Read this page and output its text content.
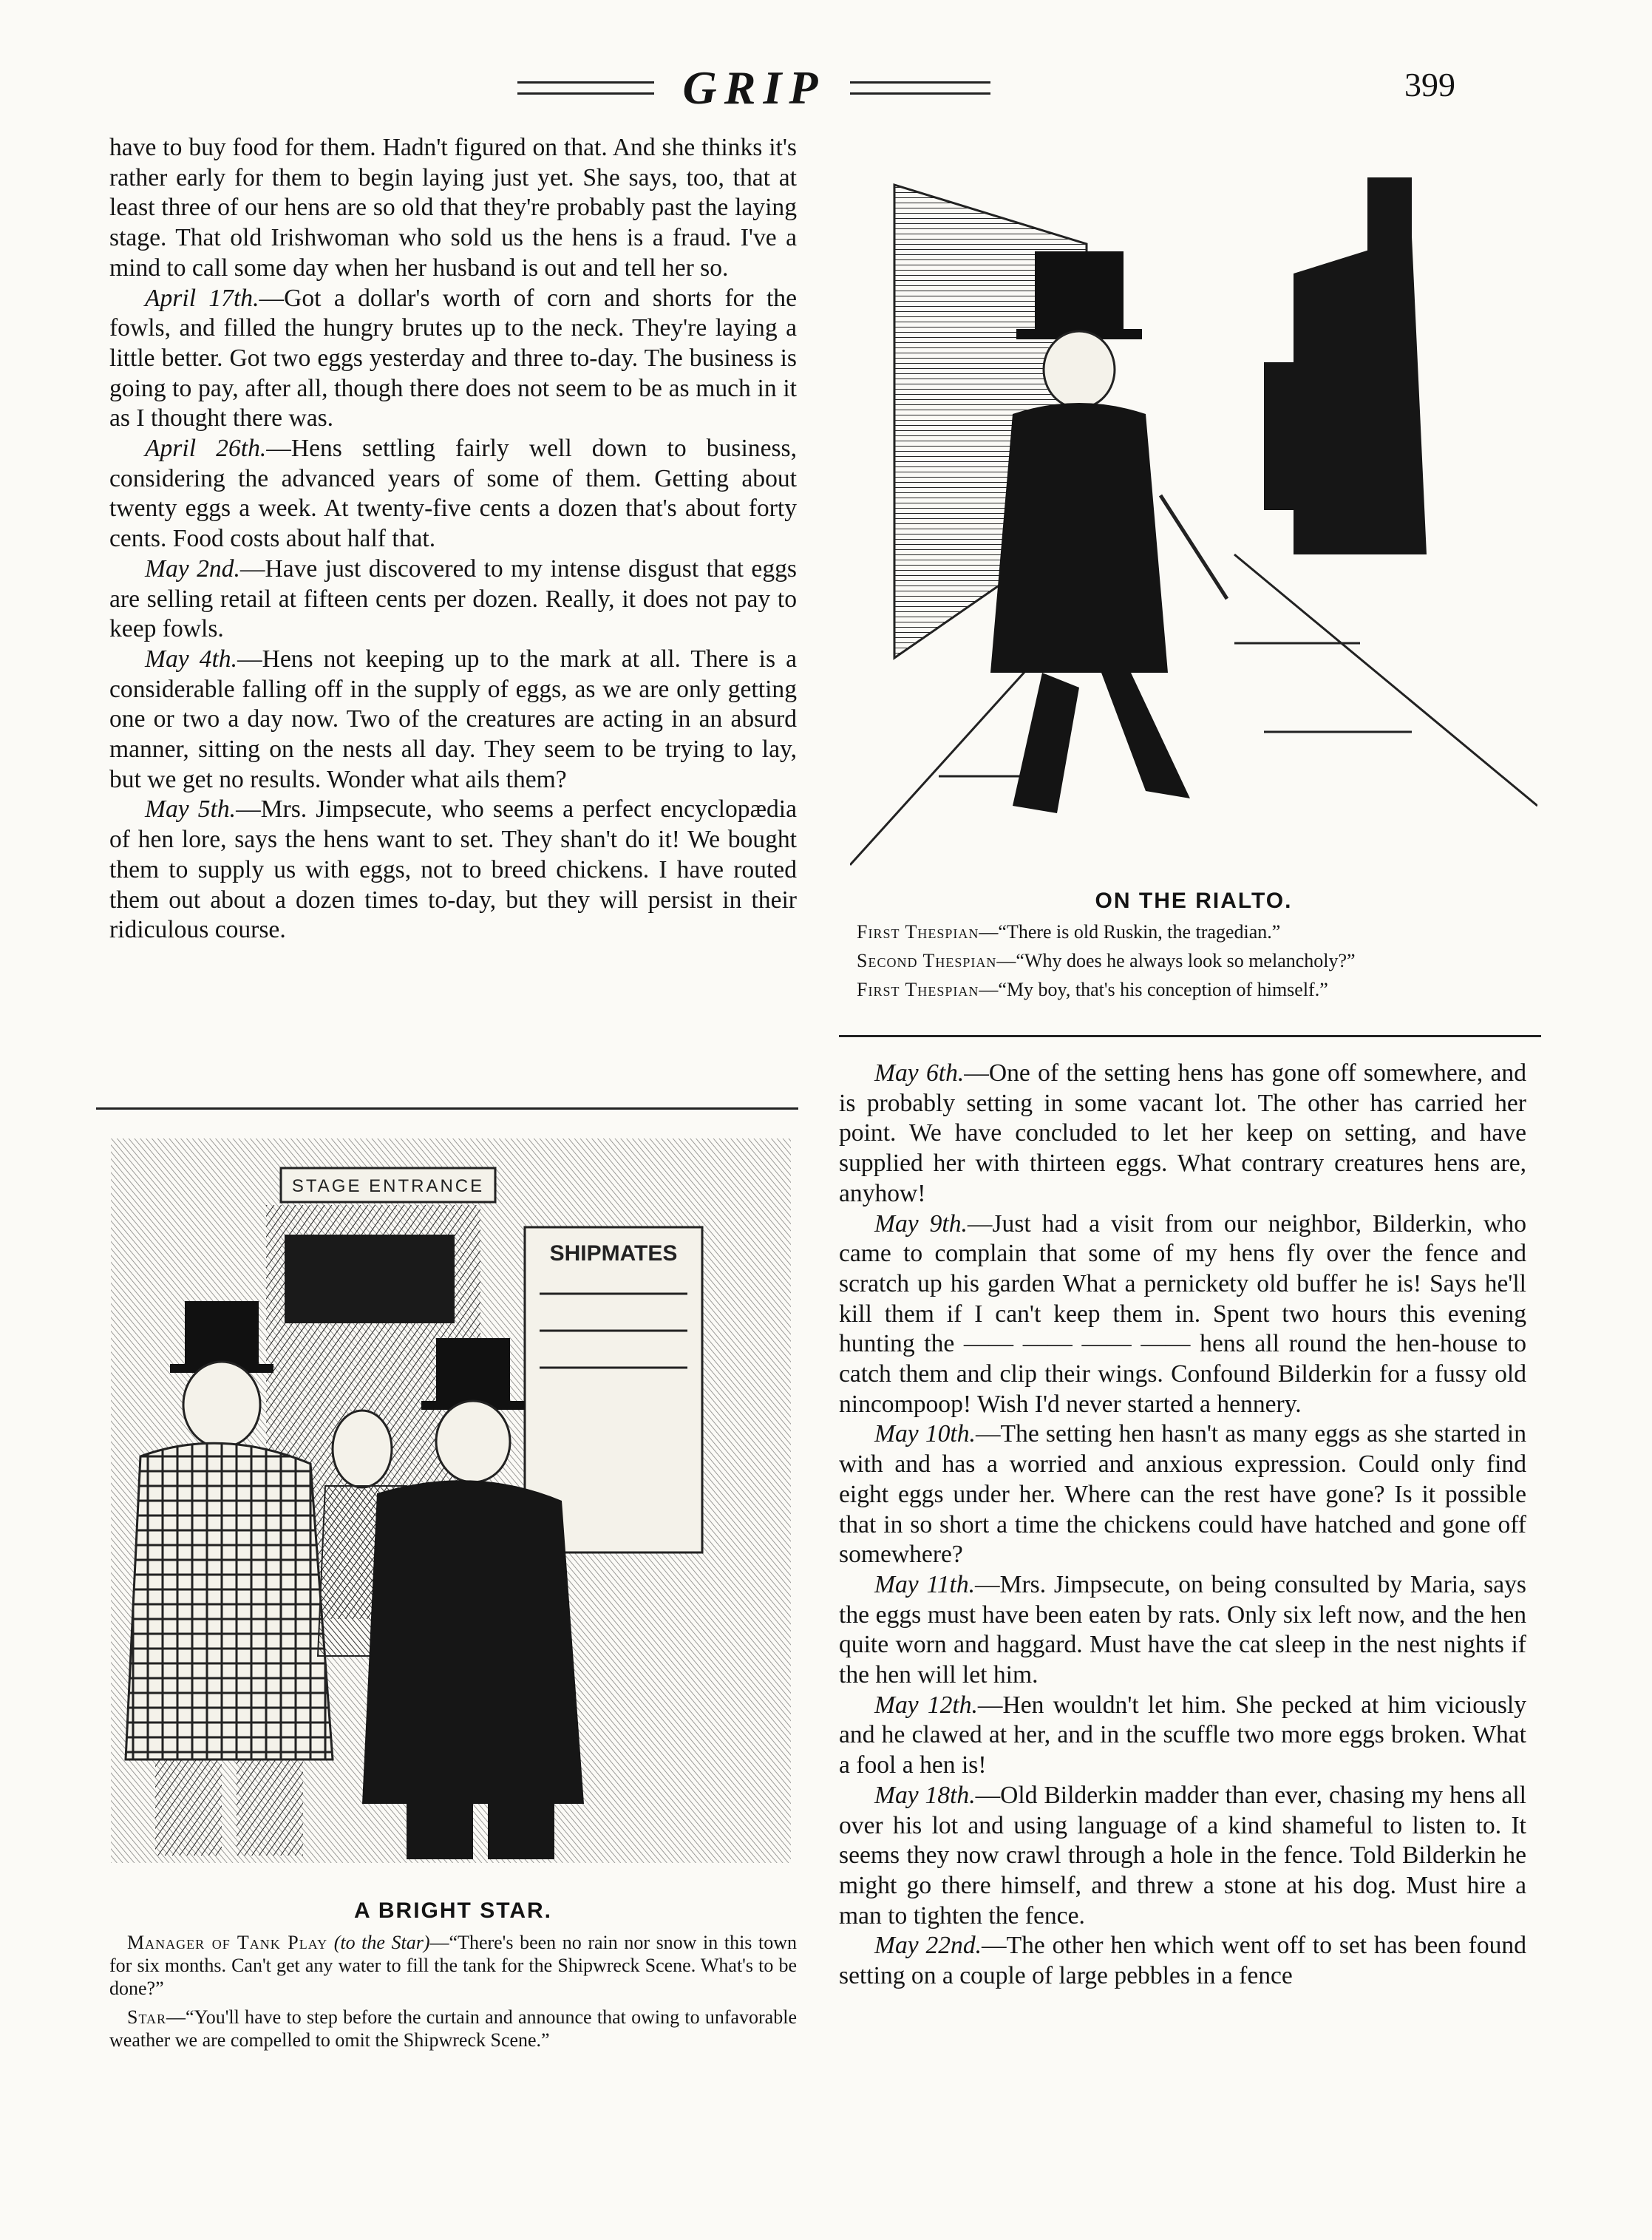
GRIP	399

have to buy food for them. Hadn't figured on that. And she thinks it's rather early for them to begin laying just yet. She says, too, that at least three of our hens are so old that they're probably past the laying stage. That old Irishwoman who sold us the hens is a fraud. I've a mind to call some day when her husband is out and tell her so.

April 17th.—Got a dollar's worth of corn and shorts for the fowls, and filled the hungry brutes up to the neck. They're laying a little better. Got two eggs yesterday and three to-day. The business is going to pay, after all, though there does not seem to be as much in it as I thought there was.

April 26th.—Hens settling fairly well down to business, considering the advanced years of some of them. Getting about twenty eggs a week. At twenty-five cents a dozen that's about forty cents. Food costs about half that.

May 2nd.—Have just discovered to my intense disgust that eggs are selling retail at fifteen cents per dozen. Really, it does not pay to keep fowls.

May 4th.—Hens not keeping up to the mark at all. There is a considerable falling off in the supply of eggs, as we are only getting one or two a day now. Two of the creatures are acting in an absurd manner, sitting on the nests all day. They seem to be trying to lay, but we get no results. Wonder what ails them?

May 5th.—Mrs. Jimpsecute, who seems a perfect encyclopædia of hen lore, says the hens want to set. They shan't do it! We bought them to supply us with eggs, not to breed chickens. I have routed them out about a dozen times to-day, but they will persist in their ridiculous course.

STAGE ENTRANCE
SHIPMATES
A BRIGHT STAR.

Manager of Tank Play (to the Star)—“There's been no rain nor snow in this town for six months. Can't get any water to fill the tank for the Shipwreck Scene. What's to be done?”

Star—“You'll have to step before the curtain and announce that owing to unfavorable weather we are compelled to omit the Shipwreck Scene.”

ON THE RIALTO.

First Thespian—“There is old Ruskin, the tragedian.”

Second Thespian—“Why does he always look so melancholy?”

First Thespian—“My boy, that's his conception of himself.”

May 6th.—One of the setting hens has gone off somewhere, and is probably setting in some vacant lot. The other has carried her point. We have concluded to let her keep on setting, and have supplied her with thirteen eggs. What contrary creatures hens are, anyhow!

May 9th.—Just had a visit from our neighbor, Bilderkin, who came to complain that some of my hens fly over the fence and scratch up his garden What a pernickety old buffer he is! Says he'll kill them if I can't keep them in. Spent two hours this evening hunting the —— —— —— —— hens all round the hen-house to catch them and clip their wings. Confound Bilderkin for a fussy old nincompoop! Wish I'd never started a hennery.

May 10th.—The setting hen hasn't as many eggs as she started in with and has a worried and anxious expression. Could only find eight eggs under her. Where can the rest have gone? Is it possible that in so short a time the chickens could have hatched and gone off somewhere?

May 11th.—Mrs. Jimpsecute, on being consulted by Maria, says the eggs must have been eaten by rats. Only six left now, and the hen quite worn and haggard. Must have the cat sleep in the nest nights if the hen will let him.

May 12th.—Hen wouldn't let him. She pecked at him viciously and he clawed at her, and in the scuffle two more eggs broken. What a fool a hen is!

May 18th.—Old Bilderkin madder than ever, chasing my hens all over his lot and using language of a kind shameful to listen to. It seems they now crawl through a hole in the fence. Told Bilderkin he might go there himself, and threw a stone at his dog. Must hire a man to tighten the fence.

May 22nd.—The other hen which went off to set has been found setting on a couple of large pebbles in a fence
